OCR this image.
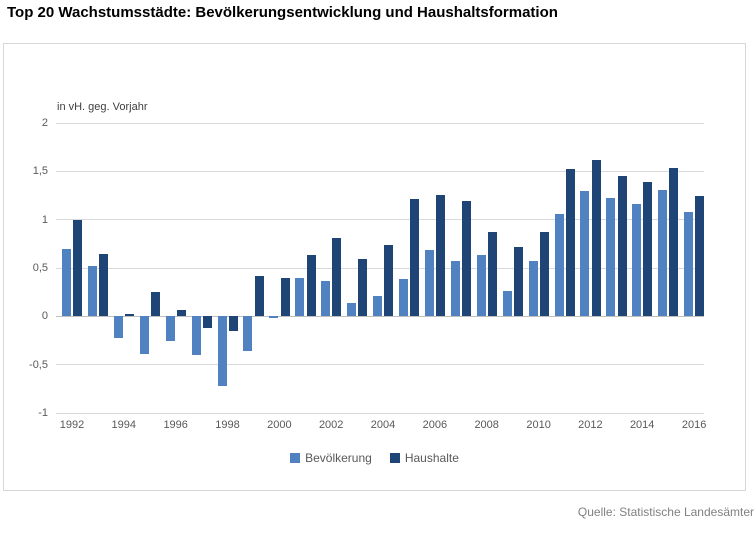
Top 20 Wachstumsstädte: Bevölkerungsentwicklung und Haushaltsformation
in vH. geg. Vorjahr
2
1,5
1
0,5
0
-0,5
-1
1992	1994	1996	1998	2000	2002	2004	2006	2008	2010	2012	2014	2016
Bevölkerung	Haushalte
Quelle: Statistische Landesämter
